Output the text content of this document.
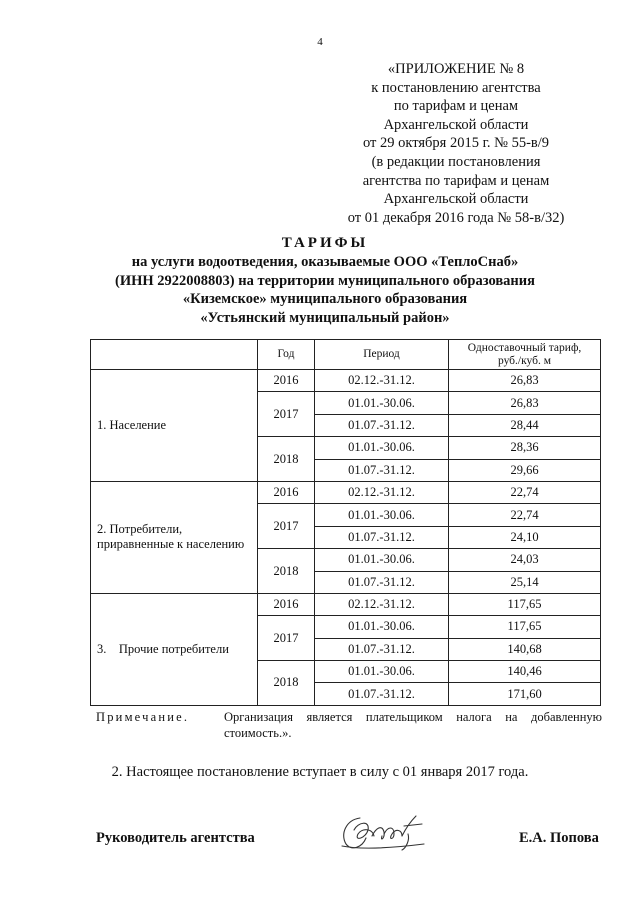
4
«ПРИЛОЖЕНИЕ № 8
к постановлению агентства
по тарифам и ценам
Архангельской области
от 29 октября 2015 г. № 55-в/9
(в редакции постановления
агентства по тарифам и ценам
Архангельской области
от 01 декабря 2016 года № 58-в/32)
ТАРИФЫ
на услуги водоотведения, оказываемые ООО «ТеплоСнаб»
(ИНН 2922008803) на территории муниципального образования
«Киземское» муниципального образования
«Устьянский муниципальный район»
	Год	Период	Одноставочный тариф,
руб./куб. м
1. Население	2016	02.12.-31.12.	26,83
	2017	01.01.-30.06.	26,83
		01.07.-31.12.	28,44
	2018	01.01.-30.06.	28,36
		01.07.-31.12.	29,66
2. Потребители,
приравненные к населению	2016	02.12.-31.12.	22,74
	2017	01.01.-30.06.	22,74
		01.07.-31.12.	24,10
	2018	01.01.-30.06.	24,03
		01.07.-31.12.	25,14
3.    Прочие потребители	2016	02.12.-31.12.	117,65
	2017	01.01.-30.06.	117,65
		01.07.-31.12.	140,68
	2018	01.01.-30.06.	140,46
		01.07.-31.12.	171,60
Примечание.	Организация является плательщиком налога на добавленную стоимость.».
2. Настоящее постановление вступает в силу с 01 января 2017 года.
Руководитель агентства	Е.А. Попова
